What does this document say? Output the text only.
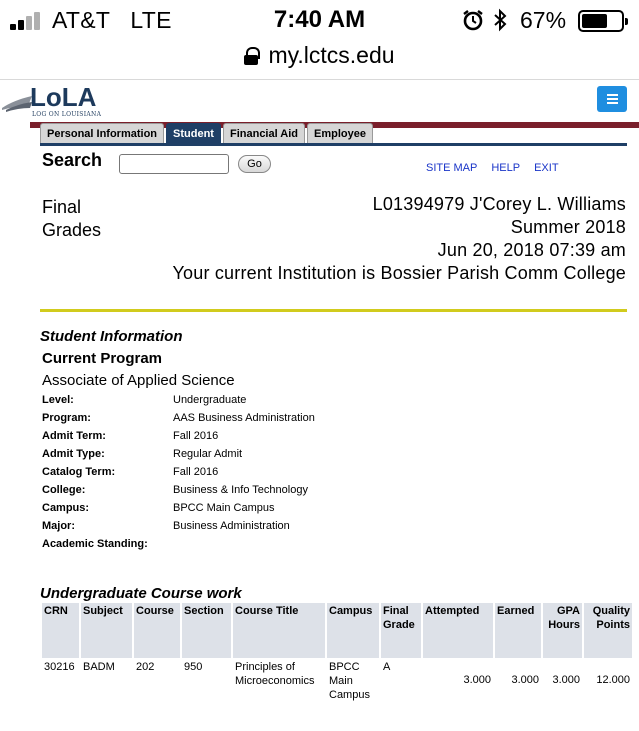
AT&T LTE	7:40 AM	67%
my.lctcs.edu
LoLA
LOG ON LOUISIANA
Personal Information	Student	Financial Aid	Employee
Search	Go	SITE MAP HELP EXIT
Final
Grades
L01394979 J'Corey L. Williams
Summer 2018
Jun 20, 2018 07:39 am
Your current Institution is Bossier Parish Comm College
Student Information
Current Program
Associate of Applied Science
Level:	Undergraduate
Program:	AAS Business Administration
Admit Term:	Fall 2016
Admit Type:	Regular Admit
Catalog Term:	Fall 2016
College:	Business & Info Technology
Campus:	BPCC Main Campus
Major:	Business Administration
Academic Standing:
Undergraduate Course work
CRN	Subject	Course	Section	Course Title	Campus	Final Grade	Attempted	Earned	GPA Hours	Quality Points
30216	BADM	202	950	Principles of Microeconomics	BPCC Main Campus	A	3.000	3.000	3.000	12.000
